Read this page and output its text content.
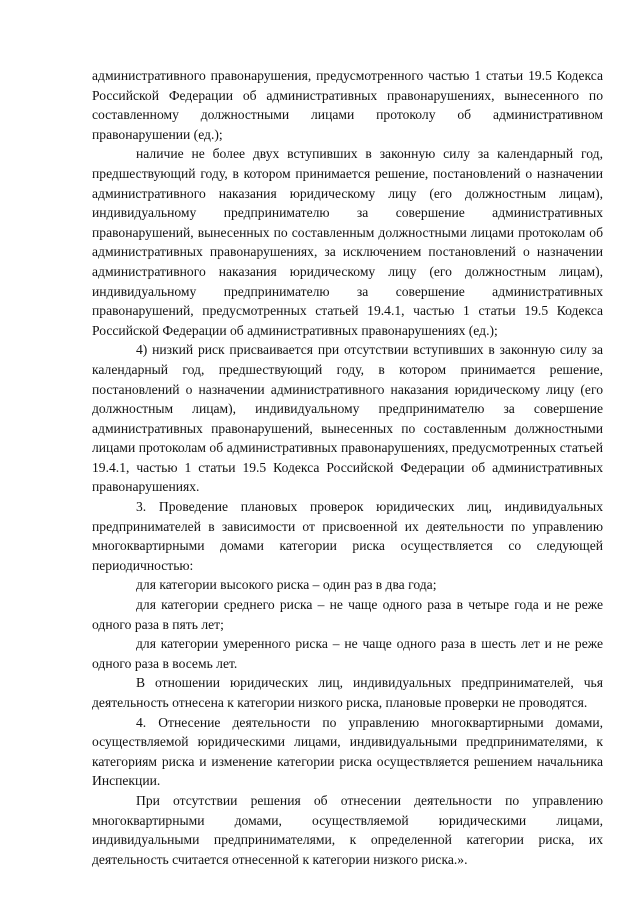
административного правонарушения, предусмотренного частью 1 статьи 19.5 Кодекса Российской Федерации об административных правонарушениях, вынесенного по составленному должностными лицами протоколу об административном правонарушении (ед.);

наличие не более двух вступивших в законную силу за календарный год, предшествующий году, в котором принимается решение, постановлений о назначении административного наказания юридическому лицу (его должностным лицам), индивидуальному предпринимателю за совершение административных правонарушений, вынесенных по составленным должностными лицами протоколам об административных правонарушениях, за исключением постановлений о назначении административного наказания юридическому лицу (его должностным лицам), индивидуальному предпринимателю за совершение административных правонарушений, предусмотренных статьей 19.4.1, частью 1 статьи 19.5 Кодекса Российской Федерации об административных правонарушениях (ед.);

4) низкий риск присваивается при отсутствии вступивших в законную силу за календарный год, предшествующий году, в котором принимается решение, постановлений о назначении административного наказания юридическому лицу (его должностным лицам), индивидуальному предпринимателю за совершение административных правонарушений, вынесенных по составленным должностными лицами протоколам об административных правонарушениях, предусмотренных статьей 19.4.1, частью 1 статьи 19.5 Кодекса Российской Федерации об административных правонарушениях.

3. Проведение плановых проверок юридических лиц, индивидуальных предпринимателей в зависимости от присвоенной их деятельности по управлению многоквартирными домами категории риска осуществляется со следующей периодичностью:

для категории высокого риска – один раз в два года;

для категории среднего риска – не чаще одного раза в четыре года и не реже одного раза в пять лет;

для категории умеренного риска – не чаще одного раза в шесть лет и не реже одного раза в восемь лет.

В отношении юридических лиц, индивидуальных предпринимателей, чья деятельность отнесена к категории низкого риска, плановые проверки не проводятся.

4. Отнесение деятельности по управлению многоквартирными домами, осуществляемой юридическими лицами, индивидуальными предпринимателями, к категориям риска и изменение категории риска осуществляется решением начальника Инспекции.

При отсутствии решения об отнесении деятельности по управлению многоквартирными домами, осуществляемой юридическими лицами, индивидуальными предпринимателями, к определенной категории риска, их деятельность считается отнесенной к категории низкого риска.».
